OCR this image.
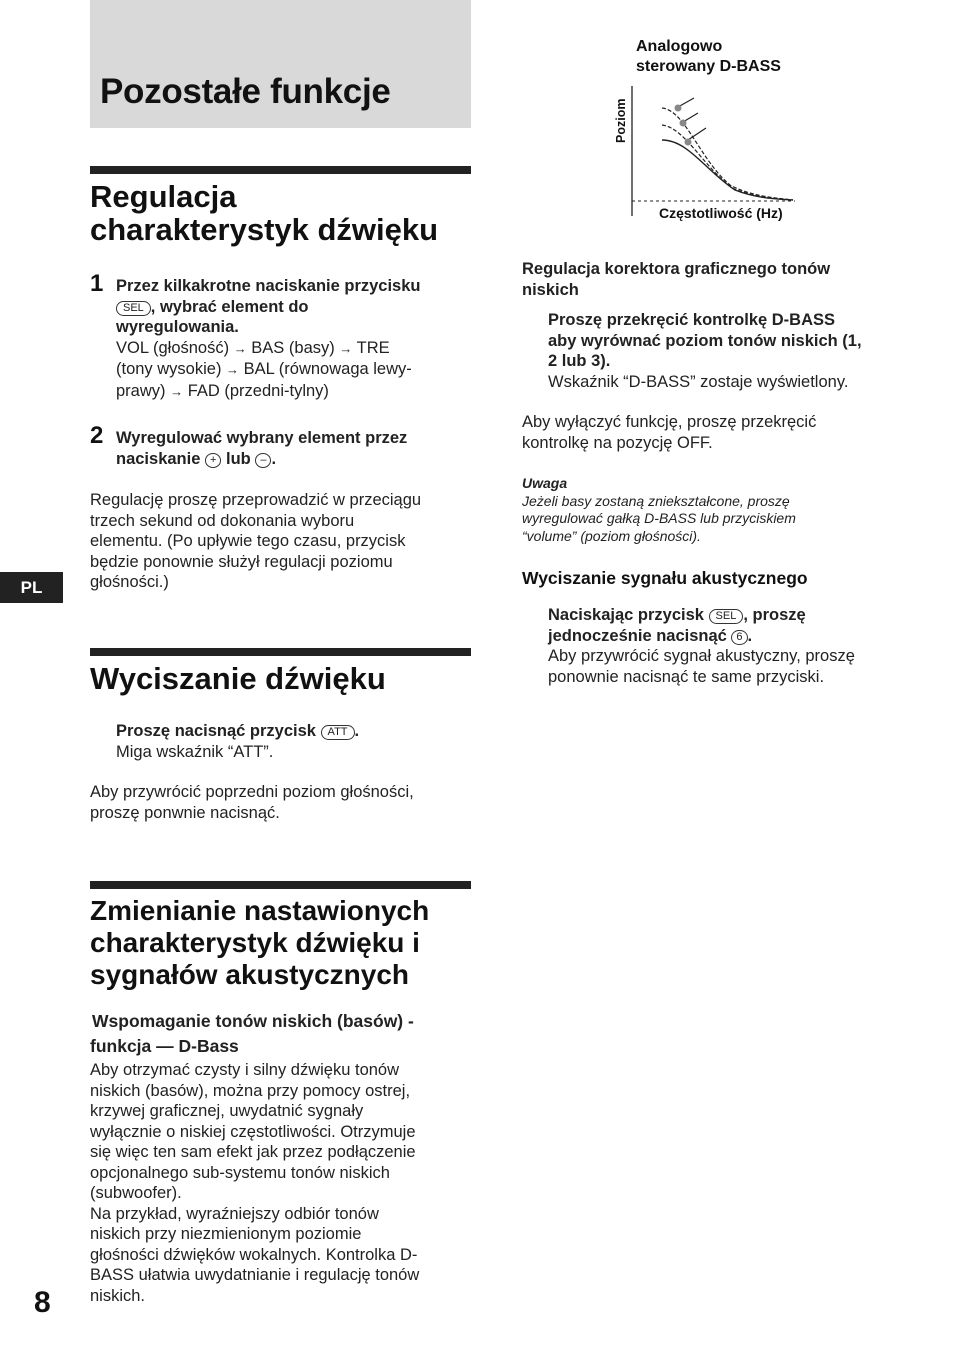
Pozostałe funkcje
Regulacja
charakterystyk dźwięku
1 Przez kilkakrotne naciskanie przycisku
SEL , wybrać element do
wyregulowania.
VOL (głośność) → BAS (basy) → TRE
(tony wysokie) → BAL (równowaga lewy-
prawy) → FAD (przedni-tylny)
2 Wyregulować wybrany element przez
naciskanie + lub – .
Regulację proszę przeprowadzić w przeciągu
trzech sekund od dokonania wyboru
elementu. (Po upływie tego czasu, przycisk
będzie ponownie służył regulacji poziomu
głośności.)
PL
Wyciszanie dźwięku
Proszę nacisnąć przycisk ATT .
Miga wskaźnik “ATT”.
Aby przywrócić poprzedni poziom głośności,
proszę ponwnie nacisnąć.
Zmienianie nastawionych
charakterystyk dźwięku i
sygnałów akustycznych
Wspomaganie tonów niskich (basów) -
funkcja — D-Bass
Aby otrzymać czysty i silny dźwięku tonów
niskich (basów), można przy pomocy ostrej,
krzywej graficznej, uwydatnić sygnały
wyłącznie o niskiej częstotliwości. Otrzymuje
się więc ten sam efekt jak przez podłączenie
opcjonalnego sub-systemu tonów niskich
(subwoofer).
Na przykład, wyraźniejszy odbiór tonów
niskich przy niezmienionym poziomie
głośności dźwięków wokalnych. Kontrolka D-
BASS ułatwia uwydatnianie i regulację tonów
niskich.
8
Analogowo
sterowany D-BASS
Poziom
Częstotliwość (Hz)
Regulacja korektora graficznego tonów
niskich
Proszę przekręcić kontrolkę D-BASS
aby wyrównać poziom tonów niskich (1,
2 lub 3).
Wskaźnik “D-BASS” zostaje wyświetlony.
Aby wyłączyć funkcję, proszę przekręcić
kontrolkę na pozycję OFF.
Uwaga
Jeżeli basy zostaną zniekształcone, proszę
wyregulować gałką D-BASS lub przyciskiem
“volume” (poziom głośności).
Wyciszanie sygnału akustycznego
Naciskając przycisk SEL , proszę
jednocześnie nacisnąć 6 .
Aby przywrócić sygnał akustyczny, proszę
ponownie nacisnąć te same przyciski.
